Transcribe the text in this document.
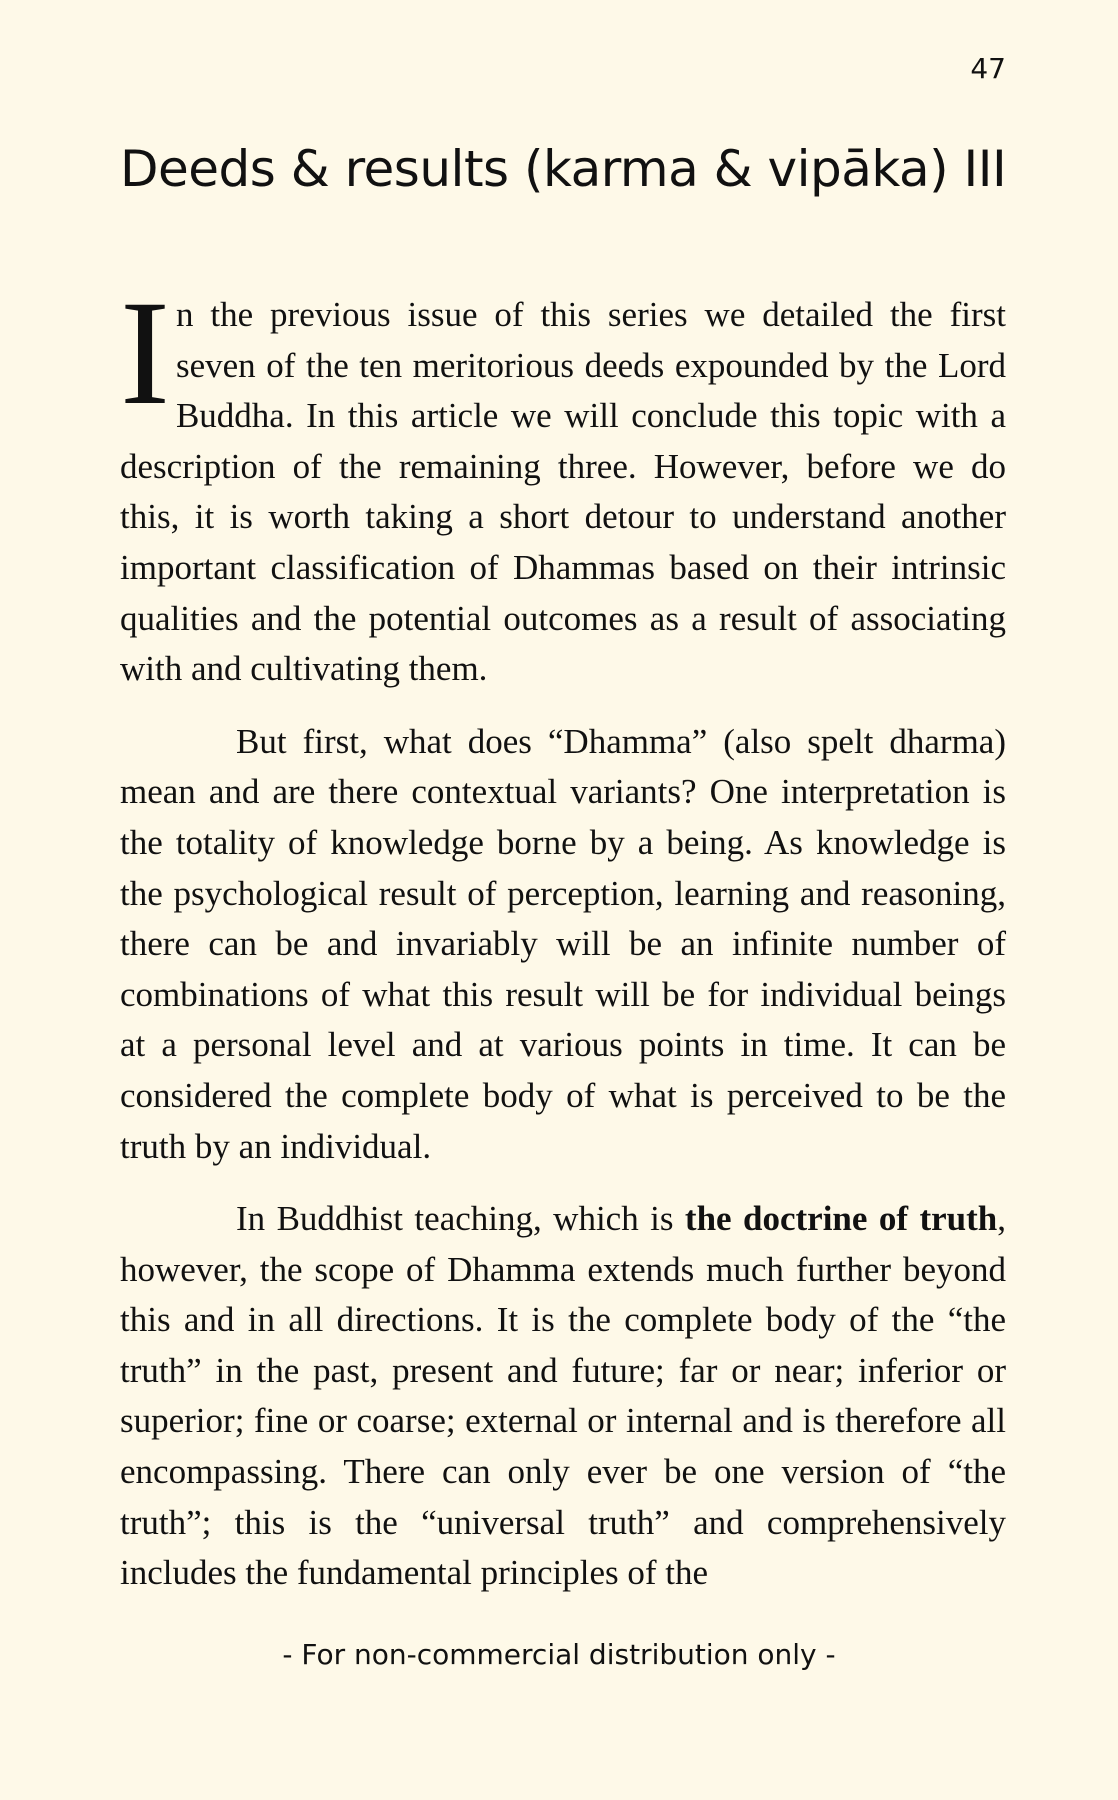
47
Deeds & results (karma & vipāka) III

In the previous issue of this series we detailed the first seven of the ten meritorious deeds expounded by the Lord Buddha. In this article we will conclude this topic with a description of the remaining three. However, before we do this, it is worth taking a short detour to understand another important classification of Dhammas based on their intrinsic qualities and the potential outcomes as a result of associating with and cultivating them.

But first, what does “Dhamma” (also spelt dharma) mean and are there contextual variants? One interpretation is the totality of knowledge borne by a being. As knowledge is the psychological result of perception, learning and reasoning, there can be and invariably will be an infinite number of combinations of what this result will be for individual beings at a personal level and at various points in time. It can be considered the complete body of what is perceived to be the truth by an individual.

In Buddhist teaching, which is the doctrine of truth, however, the scope of Dhamma extends much further beyond this and in all directions. It is the complete body of the “the truth” in the past, present and future; far or near; inferior or superior; fine or coarse; external or internal and is therefore all encompassing. There can only ever be one version of “the truth”; this is the “universal truth” and comprehensively includes the fundamental principles of the

- For non-commercial distribution only -
